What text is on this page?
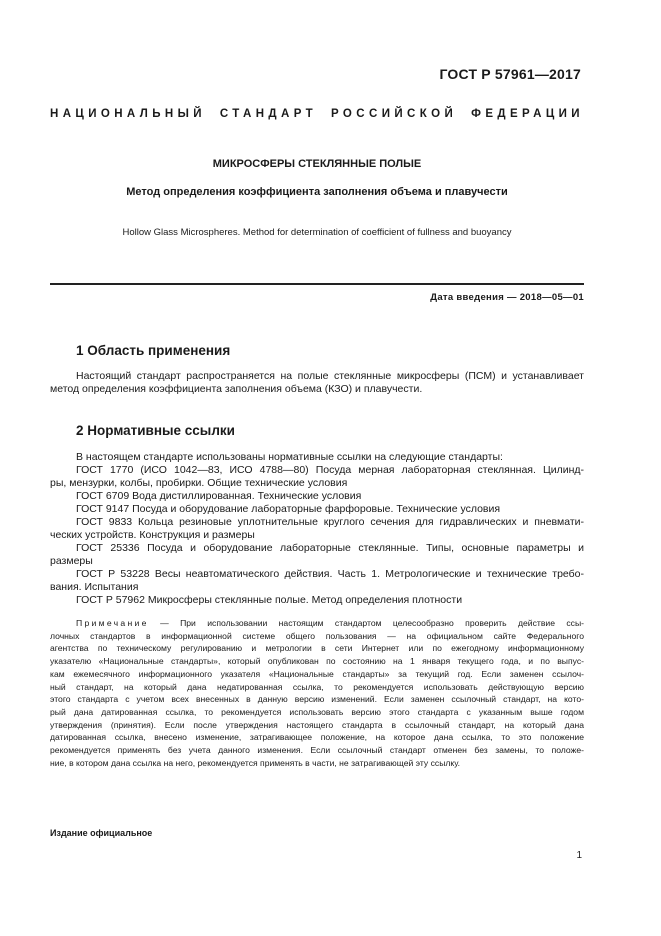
ГОСТ Р 57961—2017
НАЦИОНАЛЬНЫЙ СТАНДАРТ РОССИЙСКОЙ ФЕДЕРАЦИИ
МИКРОСФЕРЫ СТЕКЛЯННЫЕ ПОЛЫЕ
Метод определения коэффициента заполнения объема и плавучести
Hollow Glass Microspheres. Method for determination of coefficient of fullness and buoyancy
Дата введения — 2018—05—01
1 Область применения
Настоящий стандарт распространяется на полые стеклянные микросферы (ПСМ) и устанавливает
метод определения коэффициента заполнения объема (КЗО) и плавучести.
2 Нормативные ссылки
В настоящем стандарте использованы нормативные ссылки на следующие стандарты:
ГОСТ 1770 (ИСО 1042—83, ИСО 4788—80) Посуда мерная лабораторная стеклянная. Цилинд-
ры, мензурки, колбы, пробирки. Общие технические условия
ГОСТ 6709 Вода дистиллированная. Технические условия
ГОСТ 9147 Посуда и оборудование лабораторные фарфоровые. Технические условия
ГОСТ 9833 Кольца резиновые уплотнительные круглого сечения для гидравлических и пневмати-
ческих устройств. Конструкция и размеры
ГОСТ 25336 Посуда и оборудование лабораторные стеклянные. Типы, основные параметры и
размеры
ГОСТ Р 53228 Весы неавтоматического действия. Часть 1. Метрологические и технические требо-
вания. Испытания
ГОСТ Р 57962 Микросферы стеклянные полые. Метод определения плотности
Примечание — При использовании настоящим стандартом целесообразно проверить действие ссы-
лочных стандартов в информационной системе общего пользования — на официальном сайте Федерального
агентства по техническому регулированию и метрологии в сети Интернет или по ежегодному информационному
указателю «Национальные стандарты», который опубликован по состоянию на 1 января текущего года, и по выпус-
кам ежемесячного информационного указателя «Национальные стандарты» за текущий год. Если заменен ссылоч-
ный стандарт, на который дана недатированная ссылка, то рекомендуется использовать действующую версию
этого стандарта с учетом всех внесенных в данную версию изменений. Если заменен ссылочный стандарт, на кото-
рый дана датированная ссылка, то рекомендуется использовать версию этого стандарта с указанным выше годом
утверждения (принятия). Если после утверждения настоящего стандарта в ссылочный стандарт, на который дана
датированная ссылка, внесено изменение, затрагивающее положение, на которое дана ссылка, то это положение
рекомендуется применять без учета данного изменения. Если ссылочный стандарт отменен без замены, то положе-
ние, в котором дана ссылка на него, рекомендуется применять в части, не затрагивающей эту ссылку.
Издание официальное
1
